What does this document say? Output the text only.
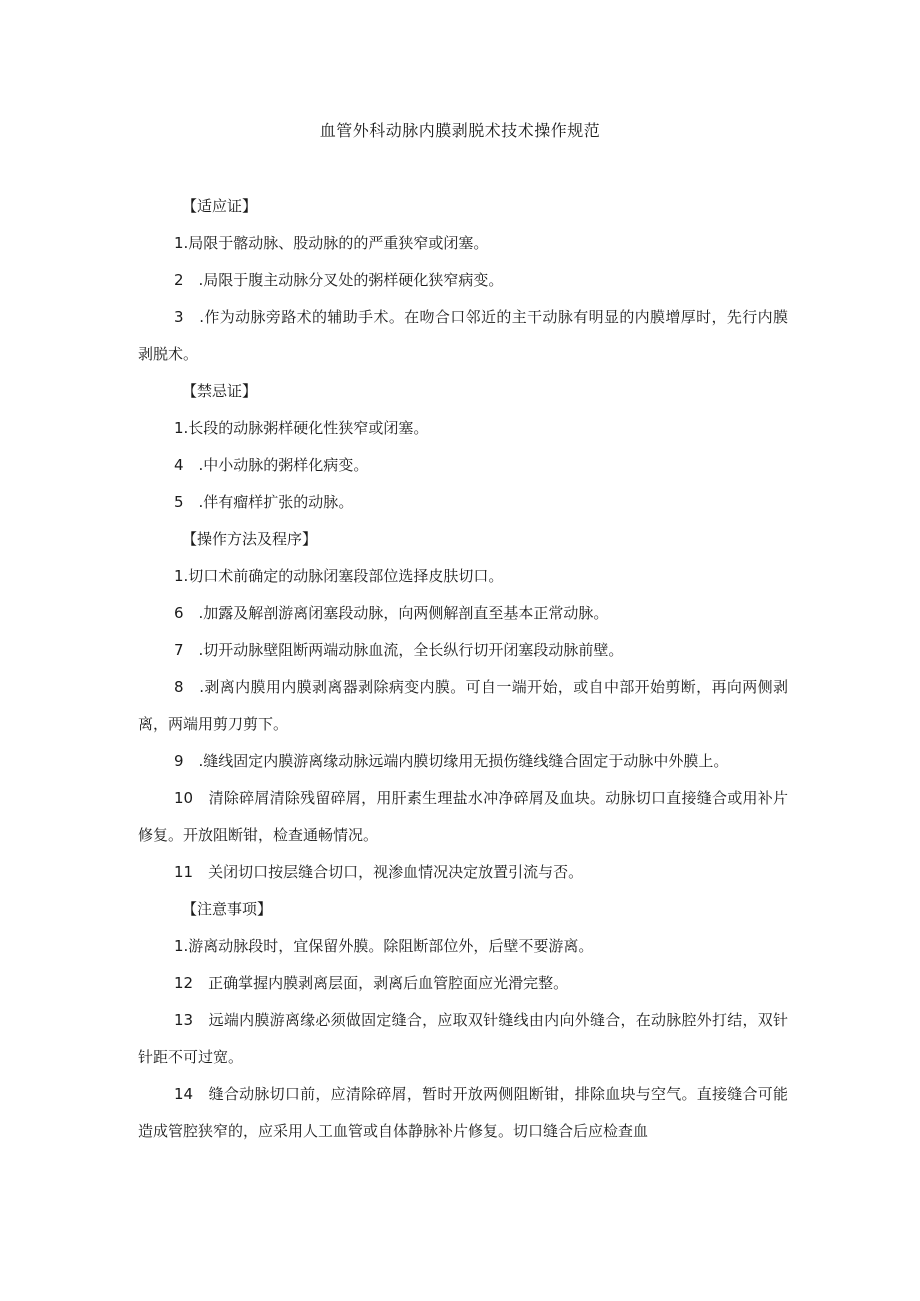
血管外科动脉内膜剥脱术技术操作规范

【适应证】

1.局限于髂动脉、股动脉的的严重狭窄或闭塞。

2　.局限于腹主动脉分叉处的粥样硬化狭窄病变。

3　.作为动脉旁路术的辅助手术。在吻合口邻近的主干动脉有明显的内膜增厚时，先行内膜剥脱术。

【禁忌证】

1.长段的动脉粥样硬化性狭窄或闭塞。

4　.中小动脉的粥样化病变。

5　.伴有瘤样扩张的动脉。

【操作方法及程序】

1.切口术前确定的动脉闭塞段部位选择皮肤切口。

6　.加露及解剖游离闭塞段动脉，向两侧解剖直至基本正常动脉。

7　.切开动脉壁阻断两端动脉血流，全长纵行切开闭塞段动脉前壁。

8　.剥离内膜用内膜剥离器剥除病变内膜。可自一端开始，或自中部开始剪断，再向两侧剥离，两端用剪刀剪下。

9　.缝线固定内膜游离缘动脉远端内膜切缘用无损伤缝线缝合固定于动脉中外膜上。

10　清除碎屑清除残留碎屑，用肝素生理盐水冲净碎屑及血块。动脉切口直接缝合或用补片修复。开放阻断钳，检查通畅情况。

11　关闭切口按层缝合切口，视渗血情况决定放置引流与否。

【注意事项】

1.游离动脉段时，宜保留外膜。除阻断部位外，后壁不要游离。

12　正确掌握内膜剥离层面，剥离后血管腔面应光滑完整。

13　远端内膜游离缘必须做固定缝合，应取双针缝线由内向外缝合，在动脉腔外打结，双针针距不可过宽。

14　缝合动脉切口前，应清除碎屑，暂时开放两侧阻断钳，排除血块与空气。直接缝合可能造成管腔狭窄的，应采用人工血管或自体静脉补片修复。切口缝合后应检查血
